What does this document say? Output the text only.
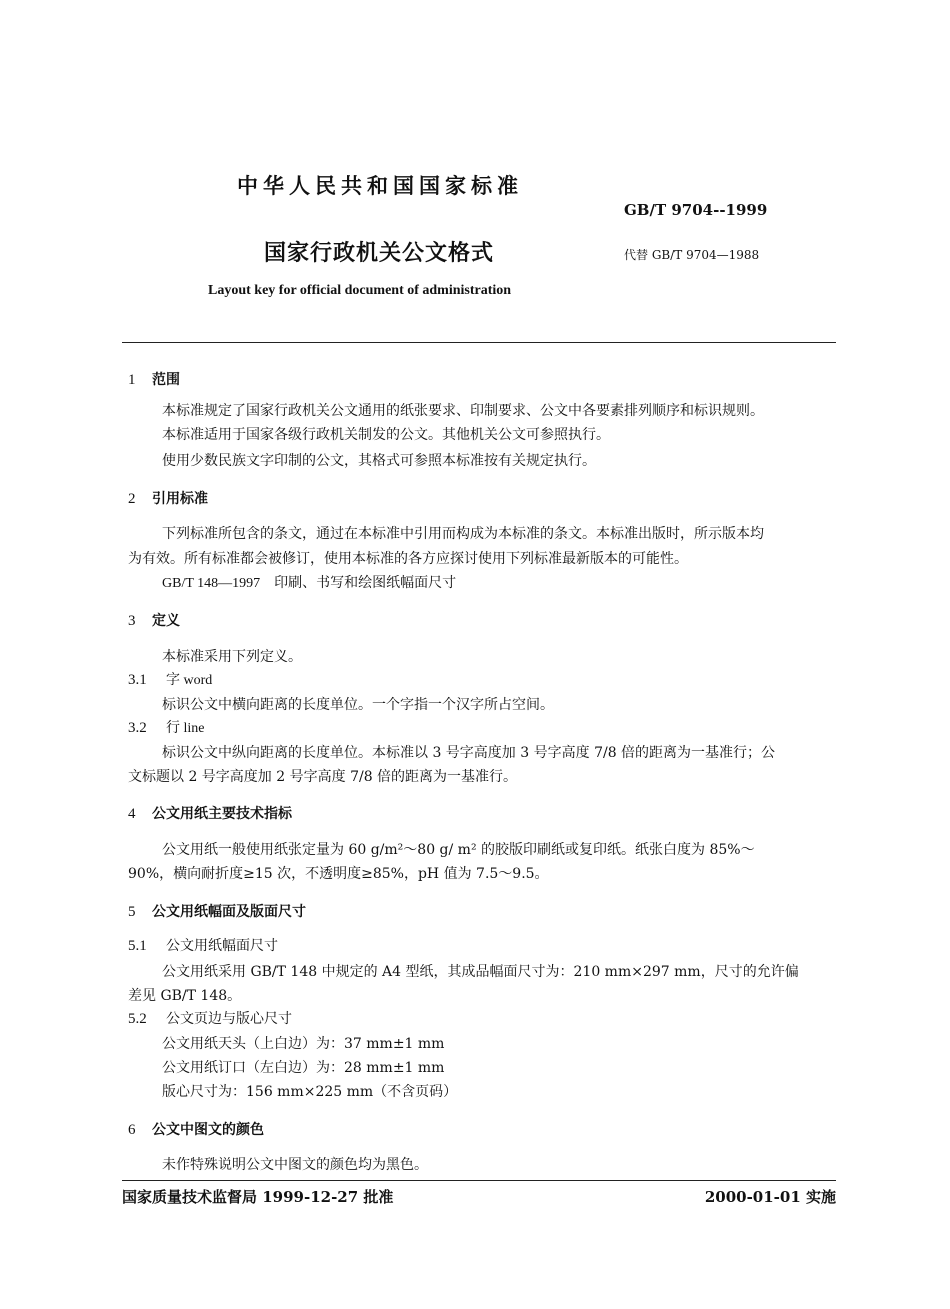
中华人民共和国国家标准
GB/T 9704--1999
国家行政机关公文格式	代替 GB/T 9704—1988
Layout key for official document of administration
1 范围
本标准规定了国家行政机关公文通用的纸张要求、印制要求、公文中各要素排列顺序和标识规则。
本标准适用于国家各级行政机关制发的公文。其他机关公文可参照执行。
使用少数民族文字印制的公文，其格式可参照本标准按有关规定执行。
2 引用标准
下列标准所包含的条文，通过在本标准中引用而构成为本标准的条文。本标准出版时，所示版本均
为有效。所有标准都会被修订，使用本标准的各方应探讨使用下列标准最新版本的可能性。
GB/T 148—1997　印刷、书写和绘图纸幅面尺寸
3 定义
本标准采用下列定义。
3.1 字 word
标识公文中横向距离的长度单位。一个字指一个汉字所占空间。
3.2 行 line
标识公文中纵向距离的长度单位。本标准以 3 号字高度加 3 号字高度 7/8 倍的距离为一基准行；公
文标题以 2 号字高度加 2 号字高度 7/8 倍的距离为一基准行。
4 公文用纸主要技术指标
公文用纸一般使用纸张定量为 60 g/m²～80 g/ m² 的胶版印刷纸或复印纸。纸张白度为 85%～
90%，横向耐折度≥15 次，不透明度≥85%，pH 值为 7.5～9.5。
5 公文用纸幅面及版面尺寸
5.1 公文用纸幅面尺寸
公文用纸采用 GB/T 148 中规定的 A4 型纸，其成品幅面尺寸为：210 mm×297 mm，尺寸的允许偏
差见 GB/T 148。
5.2 公文页边与版心尺寸
公文用纸天头（上白边）为：37 mm±1 mm
公文用纸订口（左白边）为：28 mm±1 mm
版心尺寸为：156 mm×225 mm（不含页码）
6 公文中图文的颜色
未作特殊说明公文中图文的颜色均为黑色。
国家质量技术监督局 1999-12-27 批准	2000-01-01 实施
